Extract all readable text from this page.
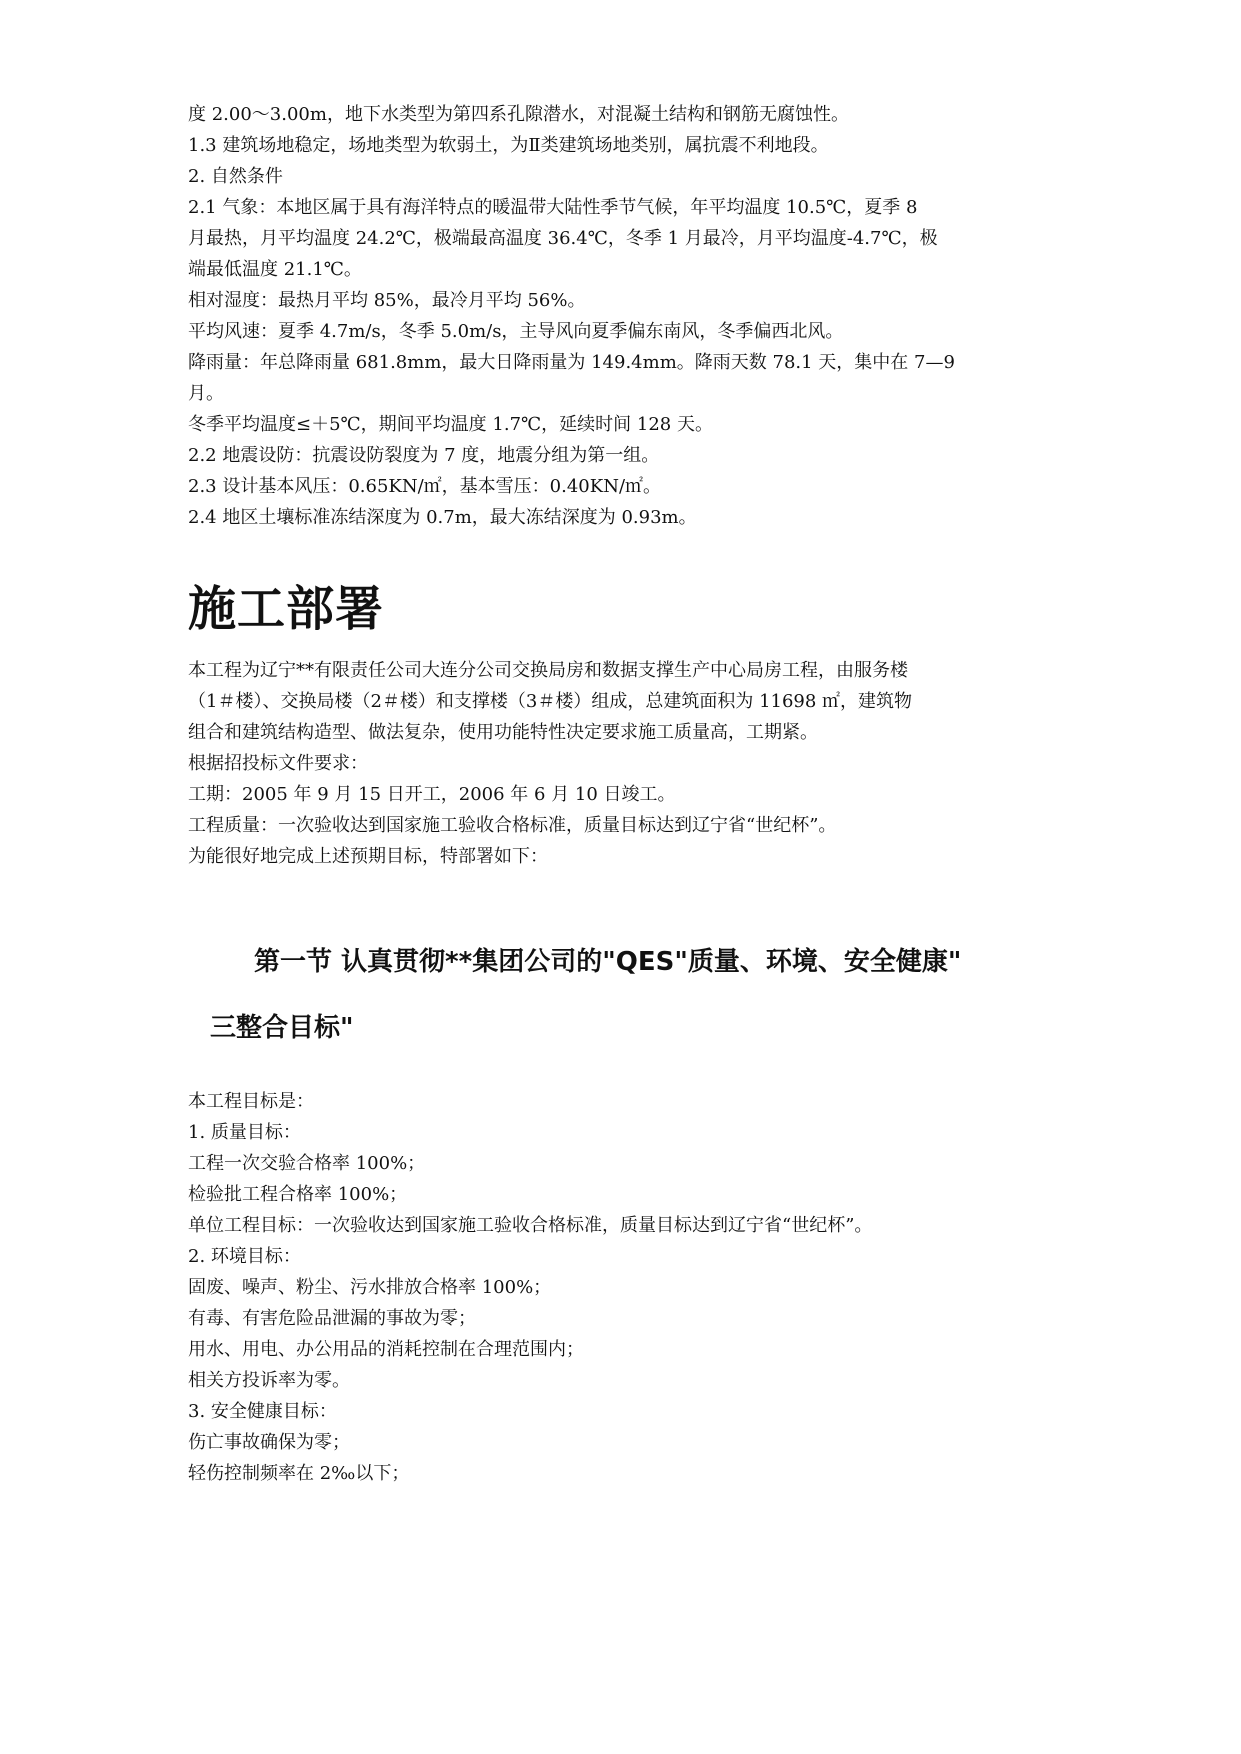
度 2.00～3.00m，地下水类型为第四系孔隙潜水，对混凝土结构和钢筋无腐蚀性。
1.3 建筑场地稳定，场地类型为软弱土，为Ⅱ类建筑场地类别，属抗震不利地段。
2. 自然条件
2.1 气象：本地区属于具有海洋特点的暖温带大陆性季节气候，年平均温度 10.5℃，夏季 8
月最热，月平均温度 24.2℃，极端最高温度 36.4℃，冬季 1 月最冷，月平均温度-4.7℃，极
端最低温度 21.1℃。
相对湿度：最热月平均 85%，最冷月平均 56%。
平均风速：夏季 4.7m/s，冬季 5.0m/s，主导风向夏季偏东南风，冬季偏西北风。
降雨量：年总降雨量 681.8mm，最大日降雨量为 149.4mm。降雨天数 78.1 天，集中在 7—9
月。
冬季平均温度≤＋5℃，期间平均温度 1.7℃，延续时间 128 天。
2.2 地震设防：抗震设防裂度为 7 度，地震分组为第一组。
2.3 设计基本风压：0.65KN/㎡，基本雪压：0.40KN/㎡。
2.4 地区土壤标准冻结深度为 0.7m，最大冻结深度为 0.93m。
施工部署
本工程为辽宁**有限责任公司大连分公司交换局房和数据支撑生产中心局房工程，由服务楼
（1＃楼）、交换局楼（2＃楼）和支撑楼（3＃楼）组成，总建筑面积为 11698 ㎡，建筑物
组合和建筑结构造型、做法复杂，使用功能特性决定要求施工质量高，工期紧。
根据招投标文件要求：
工期：2005 年 9 月 15 日开工，2006 年 6 月 10 日竣工。
工程质量：一次验收达到国家施工验收合格标准，质量目标达到辽宁省“世纪杯”。
为能很好地完成上述预期目标，特部署如下：
第一节 认真贯彻**集团公司的"QES"质量、环境、安全健康"
三整合目标"
本工程目标是：
1. 质量目标：
工程一次交验合格率 100%；
检验批工程合格率 100%；
单位工程目标：一次验收达到国家施工验收合格标准，质量目标达到辽宁省“世纪杯”。
2. 环境目标：
固废、噪声、粉尘、污水排放合格率 100%；
有毒、有害危险品泄漏的事故为零；
用水、用电、办公用品的消耗控制在合理范围内；
相关方投诉率为零。
3. 安全健康目标：
伤亡事故确保为零；
轻伤控制频率在 2‰以下；
